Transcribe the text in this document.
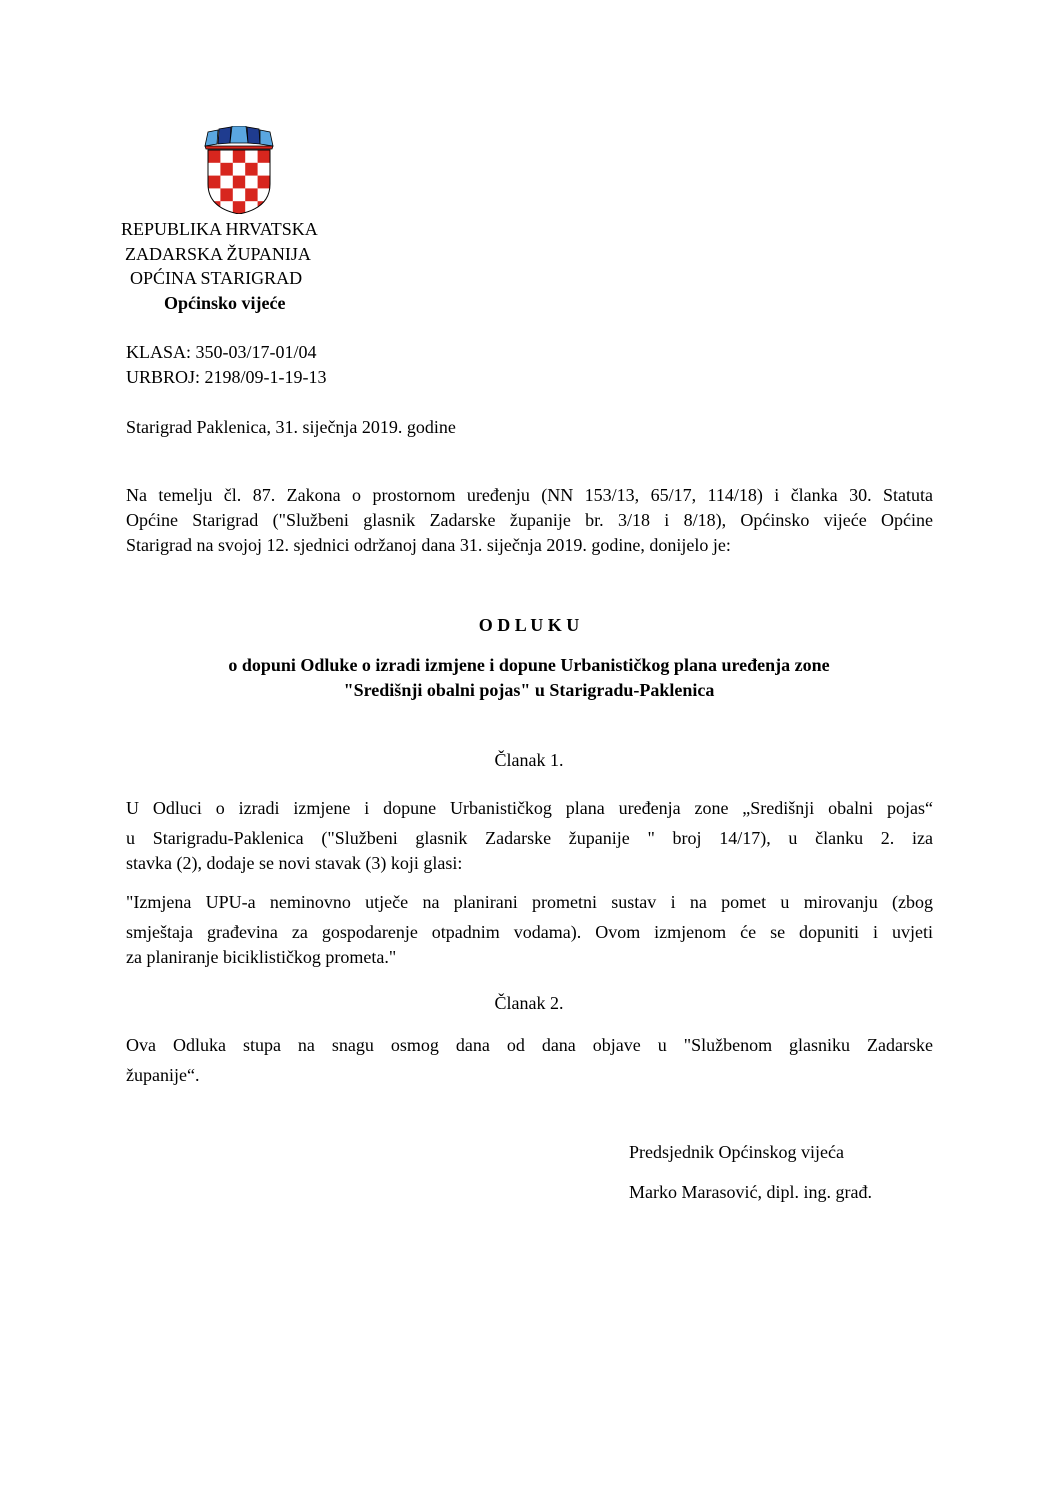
REPUBLIKA HRVATSKA
ZADARSKA ŽUPANIJA
OPĆINA STARIGRAD
Općinsko vijeće
KLASA: 350-03/17-01/04
URBROJ: 2198/09-1-19-13
Starigrad Paklenica, 31. siječnja 2019. godine
Na temelju čl. 87. Zakona o prostornom uređenju (NN 153/13, 65/17, 114/18) i članka 30. Statuta
Općine Starigrad ("Službeni glasnik Zadarske županije br. 3/18 i 8/18), Općinsko vijeće Općine
Starigrad na svojoj 12. sjednici održanoj dana 31. siječnja 2019. godine, donijelo je:
O D L U K U
o dopuni Odluke o izradi izmjene i dopune Urbanističkog plana uređenja zone
"Središnji obalni pojas" u Starigradu-Paklenica
Članak 1.
U Odluci o izradi izmjene i dopune Urbanističkog plana uređenja zone „Središnji obalni pojas“
u Starigradu-Paklenica ("Službeni glasnik Zadarske županije " broj 14/17), u članku 2. iza
stavka (2), dodaje se novi stavak (3) koji glasi:
"Izmjena UPU-a neminovno utječe na planirani prometni sustav i na pomet u mirovanju (zbog
smještaja građevina za gospodarenje otpadnim vodama). Ovom izmjenom će se dopuniti i uvjeti
za planiranje biciklističkog prometa."
Članak 2.
Ova Odluka stupa na snagu osmog dana od dana objave u "Službenom glasniku Zadarske
županije“.
Predsjednik Općinskog vijeća
Marko Marasović, dipl. ing. građ.
